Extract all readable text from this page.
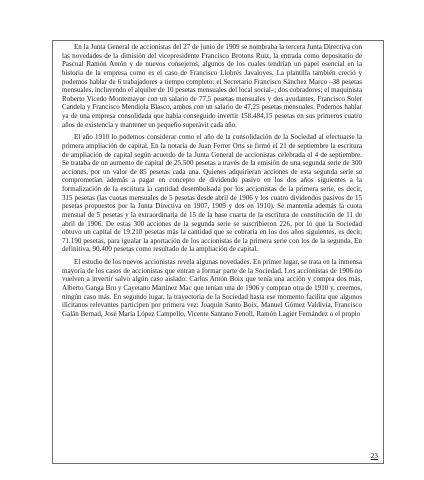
En la Junta General de accionistas del 27 de junio de 1909 se nombraba la tercera Junta Directiva con las novedades de la dimisión del vicepresidente Francisco Brotons Ruiz, la entrada como depositario de Pascual Ramón Antón y de nuevos consejeros, algunos de los cuales tendrían un papel esencial en la historia de la empresa como es el caso de Francisco Llobrés Javaloyes. La plantilla también creció y podemos hablar de 6 trabajadores a tiempo completo: el Secretario Francisco Sánchez Marco –38 pesetas mensuales, incluyendo el alquiler de 10 pesetas mensuales del local social–; dos cobradores; el maquinista Roberto Vicedo Montemayor con un salario de 77,5 pesetas mensuales y dos ayudantes, Francisco Soler Candela y Francisco Mendiola Blasco, ambos con un salario de 47,25 pesetas mensuales. Podemos hablar ya de una empresa consolidada que había conseguido invertir 158.484,15 pesetas en sus primeros cuatro años de existencia y mantener un pequeño superávit cada año.

El año 1910 lo podemos considerar como el año de la consolidación de la Sociedad al efectuarse la primera ampliación de capital. En la notaría de Juan Ferrer Orts se firmó el 21 de septiembre la escritura de ampliación de capital según acuerdo de la Junta General de accionistas celebrada el 4 de septiembre. Se trataba de un aumento de capital de 25.500 pesetas a través de la emisión de una segunda serie de 300 acciones, por un valor de 85 pesetas cada una. Quienes adquirieran acciones de esta segunda serie se comprometían además a pagar en concepto de dividendo pasivo en los dos años siguientes a la formalización de la escritura la cantidad desembolsada por los accionistas de la primera serie, es decir, 315 pesetas (las cuotas mensuales de 5 pesetas desde abril de 1906 y los cuatro dividendos pasivos de 15 pesetas propuestos por la Junta Directiva en 1907, 1909 y dos en 1910). Se mantenía además la cuota mensual de 5 pesetas y la extraordinaria de 15 de la base cuarta de la escritura de constitución de 11 de abril de 1906. De estas 300 acciones de la segunda serie se suscribieron 226, por lo que la Sociedad obtuvo un capital de 19.210 pesetas más la cantidad que se cobraría en los dos años siguientes, es decir, 71.190 pesetas, para igualar la aportación de los accionistas de la primera serie con los de la segunda. En definitiva, 90.400 pesetas como resultado de la ampliación de capital.

El estudio de los nuevos accionistas revela algunas novedades. En primer lugar, se trata en la inmensa mayoría de los casos de accionistas que entran a formar parte de la Sociedad. Los accionistas de 1906 no vuelven a invertir salvo algún caso aislado: Carlos Antón Boix que tenía una acción y compra dos más, Alberto Ganga Bru y Cayetano Martínez Mac que tenían una de 1906 y compran otra de 1910 y, creemos, ningún caso más. En segundo lugar, la trayectoria de la Sociedad hasta ese momento facilita que algunos ilicitanos relevantes participen por primera vez: Joaquín Santo Boix, Manuel Gómez Valdivia, Francisco Galán Bernad, José María López Campello, Vicente Santano Fenoll, Ramón Lagier Fernández o el propio

23
